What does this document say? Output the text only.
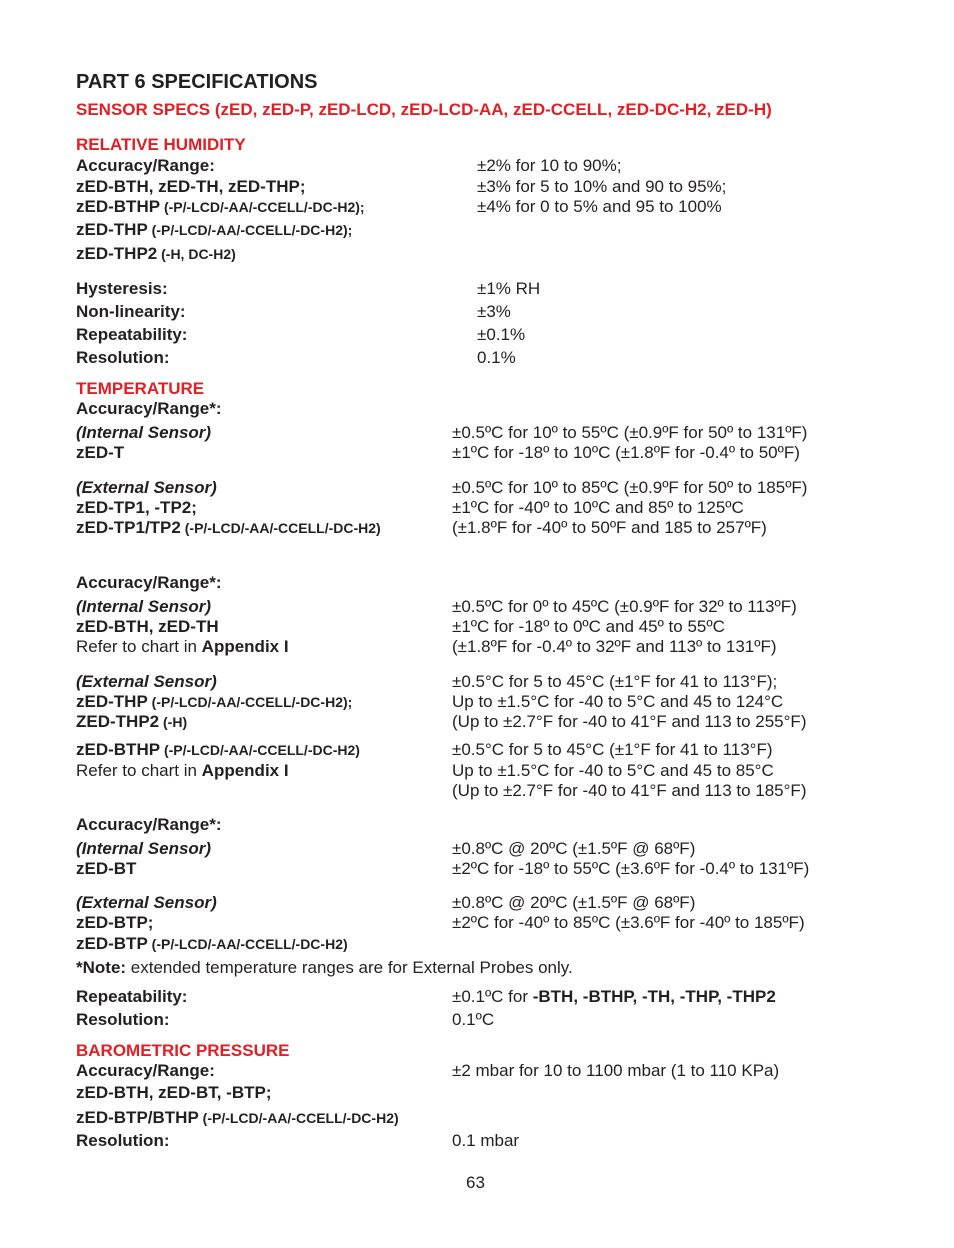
PART 6 SPECIFICATIONS
SENSOR SPECS (zED, zED-P, zED-LCD, zED-LCD-AA, zED-CCELL, zED-DC-H2, zED-H)
RELATIVE HUMIDITY
Accuracy/Range:	±2% for 10 to 90%;
zED-BTH, zED-TH, zED-THP;	±3% for 5 to 10% and 90 to 95%;
zED-BTHP (-P/-LCD/-AA/-CCELL/-DC-H2);	±4% for 0 to 5% and 95 to 100%
zED-THP (-P/-LCD/-AA/-CCELL/-DC-H2);
zED-THP2 (-H, DC-H2)
Hysteresis:	±1% RH
Non-linearity:	±3%
Repeatability:	±0.1%
Resolution:	0.1%
TEMPERATURE
Accuracy/Range*:
(Internal Sensor)	±0.5ºC for 10º to 55ºC (±0.9ºF for 50º to 131ºF)
zED-T	±1ºC for -18º to 10ºC (±1.8ºF for -0.4º to 50ºF)
(External Sensor)	±0.5ºC for 10º to 85ºC (±0.9ºF for 50º to 185ºF)
zED-TP1, -TP2;	±1ºC for -40º to 10ºC and 85º to 125ºC
zED-TP1/TP2 (-P/-LCD/-AA/-CCELL/-DC-H2)	(±1.8ºF for -40º to 50ºF and 185 to 257ºF)
Accuracy/Range*:
(Internal Sensor)	±0.5ºC for 0º to 45ºC (±0.9ºF for 32º to 113ºF)
zED-BTH, zED-TH	±1ºC for -18º to 0ºC and 45º to 55ºC
Refer to chart in Appendix I	(±1.8ºF for -0.4º to 32ºF and 113º to 131ºF)
(External Sensor)	±0.5°C for 5 to 45°C (±1°F for 41 to 113°F);
zED-THP (-P/-LCD/-AA/-CCELL/-DC-H2);	Up to ±1.5°C for -40 to 5°C and 45 to 124°C
ZED-THP2 (-H)	(Up to ±2.7°F for -40 to 41°F and 113 to 255°F)
zED-BTHP (-P/-LCD/-AA/-CCELL/-DC-H2)	±0.5°C for 5 to 45°C (±1°F for 41 to 113°F)
Refer to chart in Appendix I	Up to ±1.5°C for -40 to 5°C and 45 to 85°C
(Up to ±2.7°F for -40 to 41°F and 113 to 185°F)
Accuracy/Range*:
(Internal Sensor)	±0.8ºC @ 20ºC (±1.5ºF @ 68ºF)
zED-BT	±2ºC for -18º to 55ºC (±3.6ºF for -0.4º to 131ºF)
(External Sensor)	±0.8ºC @ 20ºC (±1.5ºF @ 68ºF)
zED-BTP;	±2ºC for -40º to 85ºC (±3.6ºF for -40º to 185ºF)
zED-BTP (-P/-LCD/-AA/-CCELL/-DC-H2)
*Note: extended temperature ranges are for External Probes only.
Repeatability:	±0.1ºC for -BTH, -BTHP, -TH, -THP, -THP2
Resolution:	0.1ºC
BAROMETRIC PRESSURE
Accuracy/Range:	±2 mbar for 10 to 1100 mbar (1 to 110 KPa)
zED-BTH, zED-BT, -BTP;
zED-BTP/BTHP (-P/-LCD/-AA/-CCELL/-DC-H2)
Resolution:	0.1 mbar
63
